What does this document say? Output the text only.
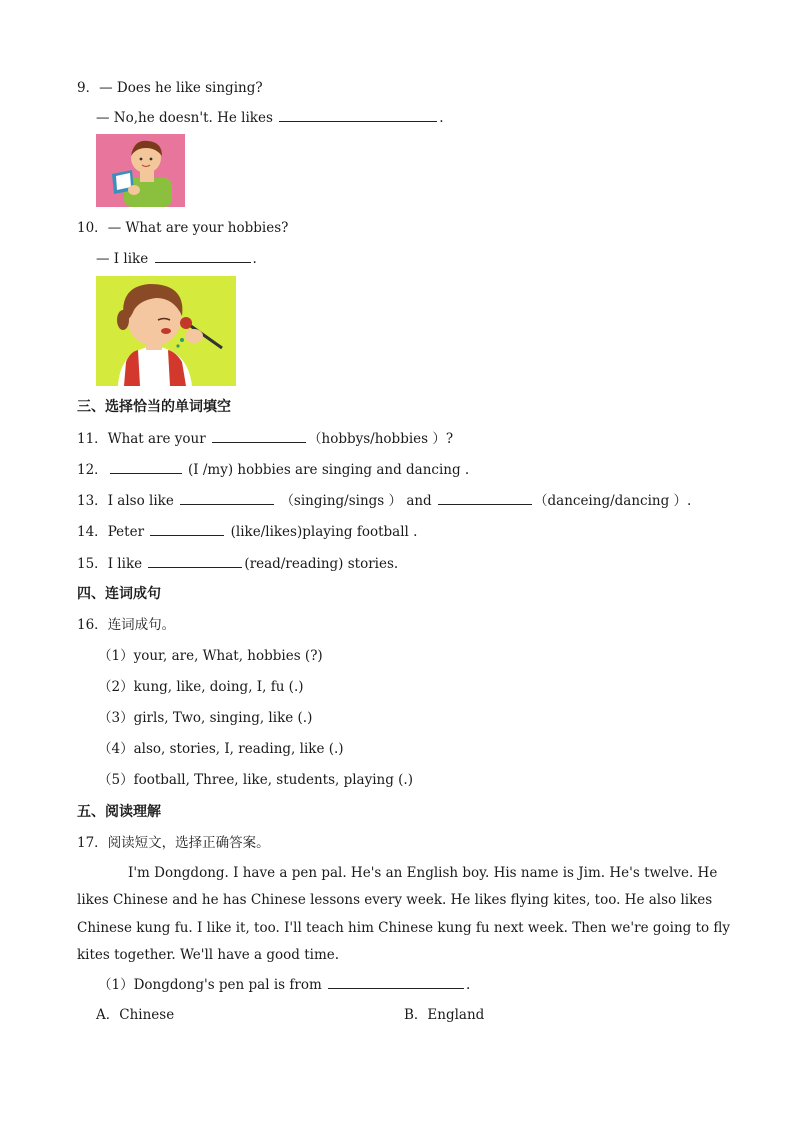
9．— Does he like singing?
— No,he doesn't. He likes	.
10．— What are your hobbies?
— I like	.
三、选择恰当的单词填空
11．What are your	（hobbys/hobbies ）?
12．	(I /my) hobbies are singing and dancing .
13．I also like	（singing/sings ） and	（danceing/dancing ）.
14．Peter	(like/likes)playing football .
15．I like	(read/reading) stories.
四、连词成句
16．连词成句。
（1）your, are, What, hobbies (?)
（2）kung, like, doing, I, fu (.)
（3）girls, Two, singing, like (.)
（4）also, stories, I, reading, like (.)
（5）football, Three, like, students, playing (.)
五、阅读理解
17．阅读短文，选择正确答案。
I'm Dongdong. I have a pen pal. He's an English boy. His name is Jim. He's twelve. He
likes Chinese and he has Chinese lessons every week. He likes flying kites, too. He also likes
Chinese kung fu. I like it, too. I'll teach him Chinese kung fu next week. Then we're going to fly
kites together. We'll have a good time.
（1）Dongdong's pen pal is from	.
A．Chinese	B．England
